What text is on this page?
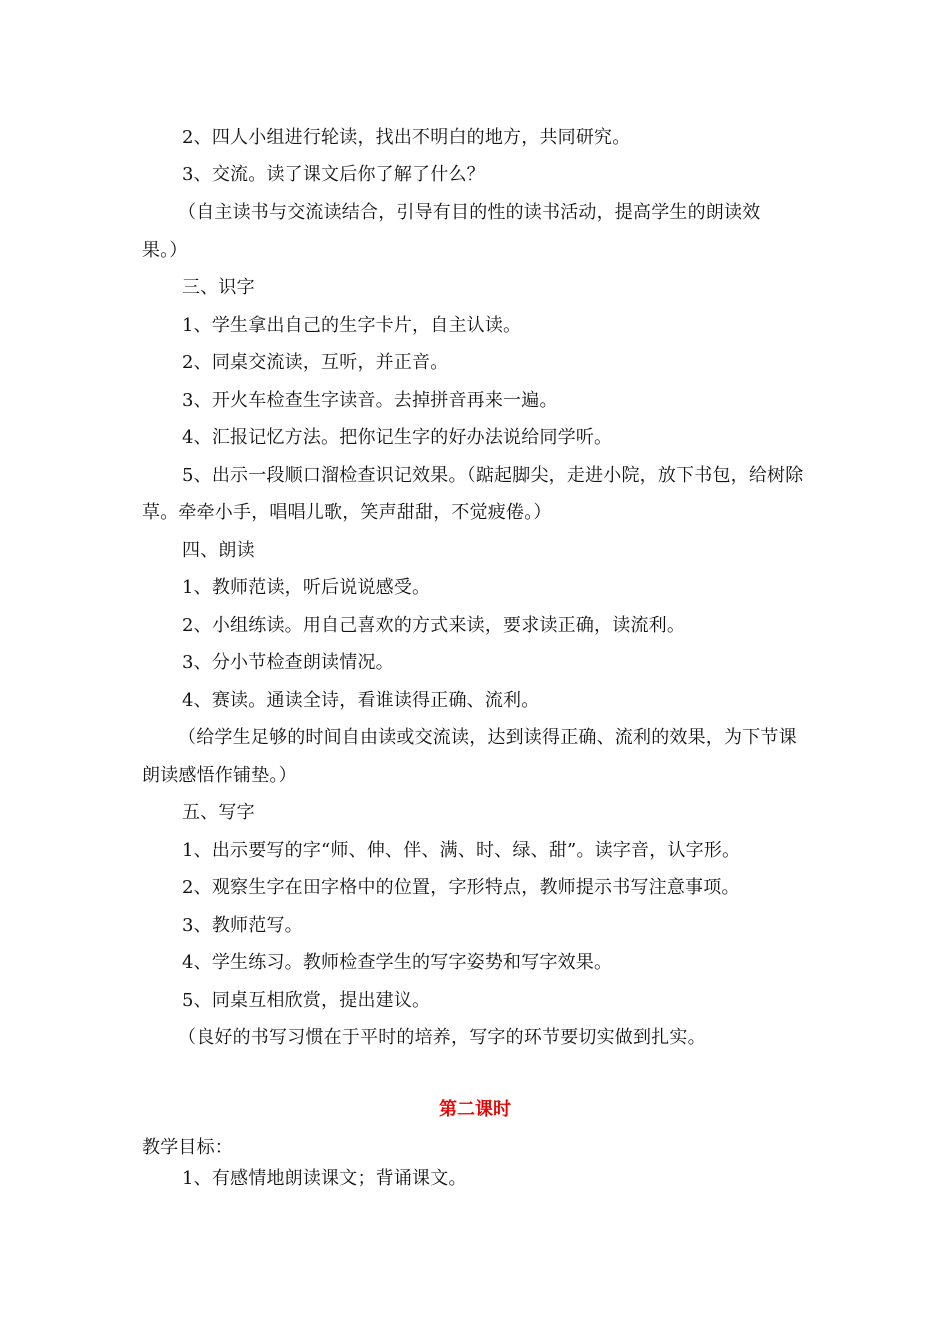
2、四人小组进行轮读，找出不明白的地方，共同研究。
3、交流。读了课文后你了解了什么？
（自主读书与交流读结合，引导有目的性的读书活动，提高学生的朗读效
果。）
三、识字
1、学生拿出自己的生字卡片，自主认读。
2、同桌交流读，互听，并正音。
3、开火车检查生字读音。去掉拼音再来一遍。
4、汇报记忆方法。把你记生字的好办法说给同学听。
5、出示一段顺口溜检查识记效果。（踮起脚尖，走进小院，放下书包，给树除
草。牵牵小手，唱唱儿歌，笑声甜甜，不觉疲倦。）
四、朗读
1、教师范读，听后说说感受。
2、小组练读。用自己喜欢的方式来读，要求读正确，读流利。
3、分小节检查朗读情况。
4、赛读。通读全诗，看谁读得正确、流利。
（给学生足够的时间自由读或交流读，达到读得正确、流利的效果，为下节课
朗读感悟作铺垫。）
五、写字
1、出示要写的字“师、伸、伴、满、时、绿、甜”。读字音，认字形。
2、观察生字在田字格中的位置，字形特点，教师提示书写注意事项。
3、教师范写。
4、学生练习。教师检查学生的写字姿势和写字效果。
5、同桌互相欣赏，提出建议。
（良好的书写习惯在于平时的培养，写字的环节要切实做到扎实。
第二课时
教学目标：
1、有感情地朗读课文；背诵课文。
